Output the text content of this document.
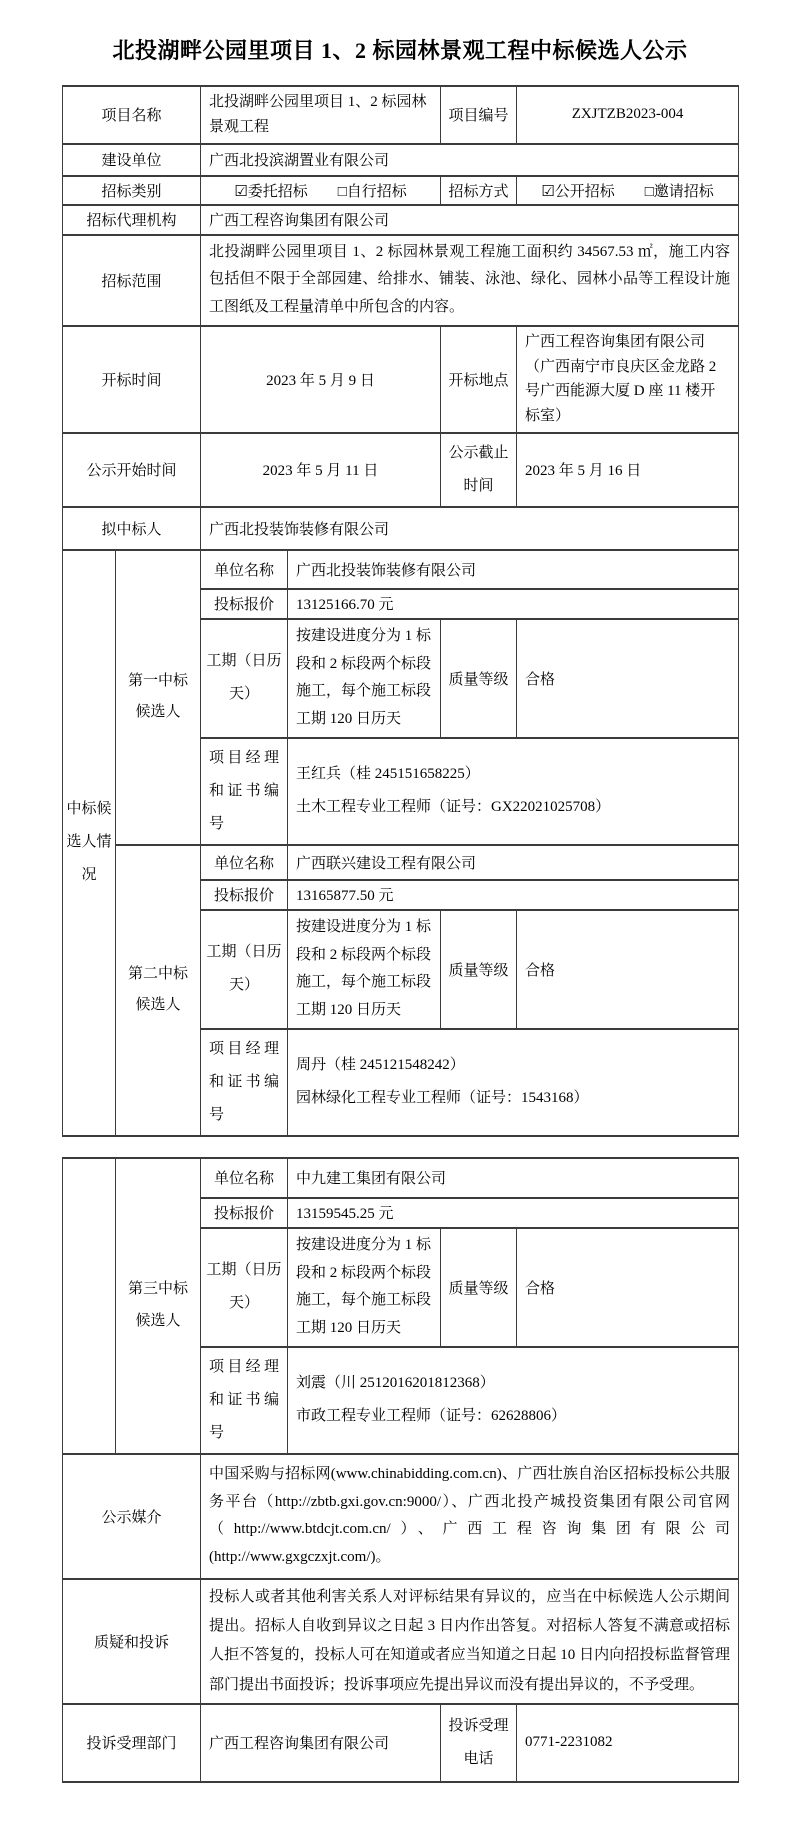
北投湖畔公园里项目 1、2 标园林景观工程中标候选人公示
项目名称		北投湖畔公园里项目 1、2 标园林景观工程		项目编号	ZXJTZB2023-004
建设单位		广西北投滨湖置业有限公司			
招标类别		☑委托招标 □自行招标		招标方式	☑公开招标 □邀请招标
招标代理机构		广西工程咨询集团有限公司			
招标范围		北投湖畔公园里项目 1、2 标园林景观工程施工面积约 34567.53 ㎡，施工内容包括但不限于全部园建、给排水、铺装、泳池、绿化、园林小品等工程设计施工图纸及工程量清单中所包含的内容。			
开标时间		2023 年 5 月 9 日		开标地点	广西工程咨询集团有限公司（广西南宁市良庆区金龙路 2 号广西能源大厦 D 座 11 楼开标室）
公示开始时间		2023 年 5 月 11 日		公示截止时间	2023 年 5 月 16 日
拟中标人		广西北投装饰装修有限公司			
中标候选人情况	第一中标候选人	单位名称	广西北投装饰装修有限公司		
		投标报价	13125166.70 元		
		工期（日历天）	按建设进度分为 1 标段和 2 标段两个标段施工，每个施工标段工期 120 日历天	质量等级	合格
		项目经理和证书编号	王红兵（桂 245151658225）
土木工程专业工程师（证号：GX22021025708）		

	第二中标候选人	单位名称	广西联兴建设工程有限公司		
		投标报价	13165877.50 元		
		工期（日历天）	按建设进度分为 1 标段和 2 标段两个标段施工，每个施工标段工期 120 日历天	质量等级	合格
		项目经理和证书编号	周丹（桂 245121548242）
园林绿化工程专业工程师（证号：1543168）		
	第三中标候选人	单位名称	中九建工集团有限公司		
		投标报价	13159545.25 元		
		工期（日历天）	按建设进度分为 1 标段和 2 标段两个标段施工，每个施工标段工期 120 日历天	质量等级	合格
		项目经理和证书编号	刘震（川 2512016201812368）
市政工程专业工程师（证号：62628806）		

公示媒介		中国采购与招标网(www.chinabidding.com.cn)、广西壮族自治区招标投标公共服务平台（http://zbtb.gxi.gov.cn:9000/）、广西北投产城投资集团有限公司官网（http://www.btdcjt.com.cn/）、广西工程咨询集团有限公司(http://www.gxgczxjt.com/)。			
质疑和投诉		投标人或者其他利害关系人对评标结果有异议的，应当在中标候选人公示期间提出。招标人自收到异议之日起 3 日内作出答复。对招标人答复不满意或招标人拒不答复的，投标人可在知道或者应当知道之日起 10 日内向招投标监督管理部门提出书面投诉；投诉事项应先提出异议而没有提出异议的，不予受理。			
投诉受理部门		广西工程咨询集团有限公司		投诉受理电话	0771-2231082
